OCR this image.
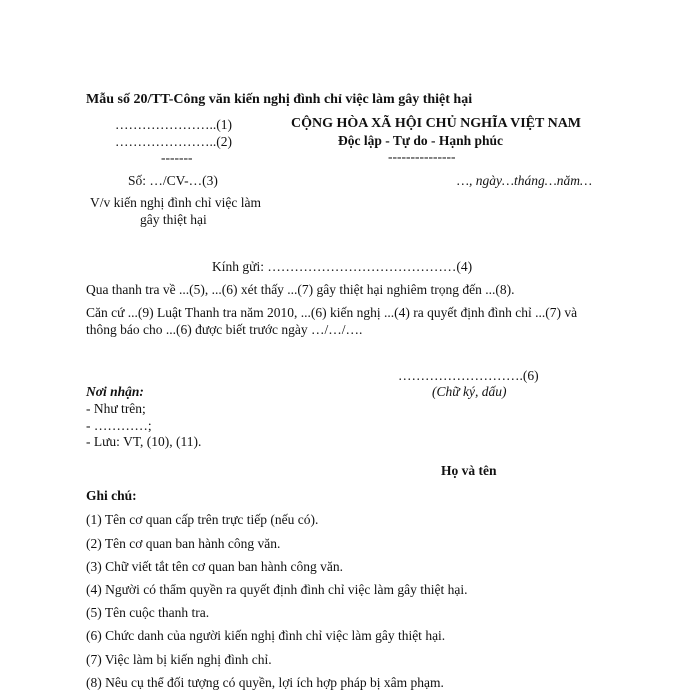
Mẫu số 20/TT-Công văn kiến nghị đình chỉ việc làm gây thiệt hại
…………………..(1)
…………………..(2)
-------
Số: …/CV-…(3)
V/v kiến nghị đình chỉ việc làm
gây thiệt hại
CỘNG HÒA XÃ HỘI CHỦ NGHĨA VIỆT NAM
Độc lập - Tự do - Hạnh phúc
---------------
…, ngày…tháng…năm…
Kính gửi: ……………………………………(4)
Qua thanh tra về ...(5), ...(6) xét thấy ...(7) gây thiệt hại nghiêm trọng đến ...(8).
Căn cứ ...(9) Luật Thanh tra năm 2010, ...(6) kiến nghị ...(4) ra quyết định đình chỉ ...(7) và
thông báo cho ...(6) được biết trước ngày …/…/….
……………………….(6)
(Chữ ký, dấu)
Họ và tên
Nơi nhận:
- Như trên;
- …………;
- Lưu: VT, (10), (11).
Ghi chú:
(1) Tên cơ quan cấp trên trực tiếp (nếu có).
(2) Tên cơ quan ban hành công văn.
(3) Chữ viết tắt tên cơ quan ban hành công văn.
(4) Người có thẩm quyền ra quyết định đình chỉ việc làm gây thiệt hại.
(5) Tên cuộc thanh tra.
(6) Chức danh của người kiến nghị đình chỉ việc làm gây thiệt hại.
(7) Việc làm bị kiến nghị đình chỉ.
(8) Nêu cụ thể đối tượng có quyền, lợi ích hợp pháp bị xâm phạm.
